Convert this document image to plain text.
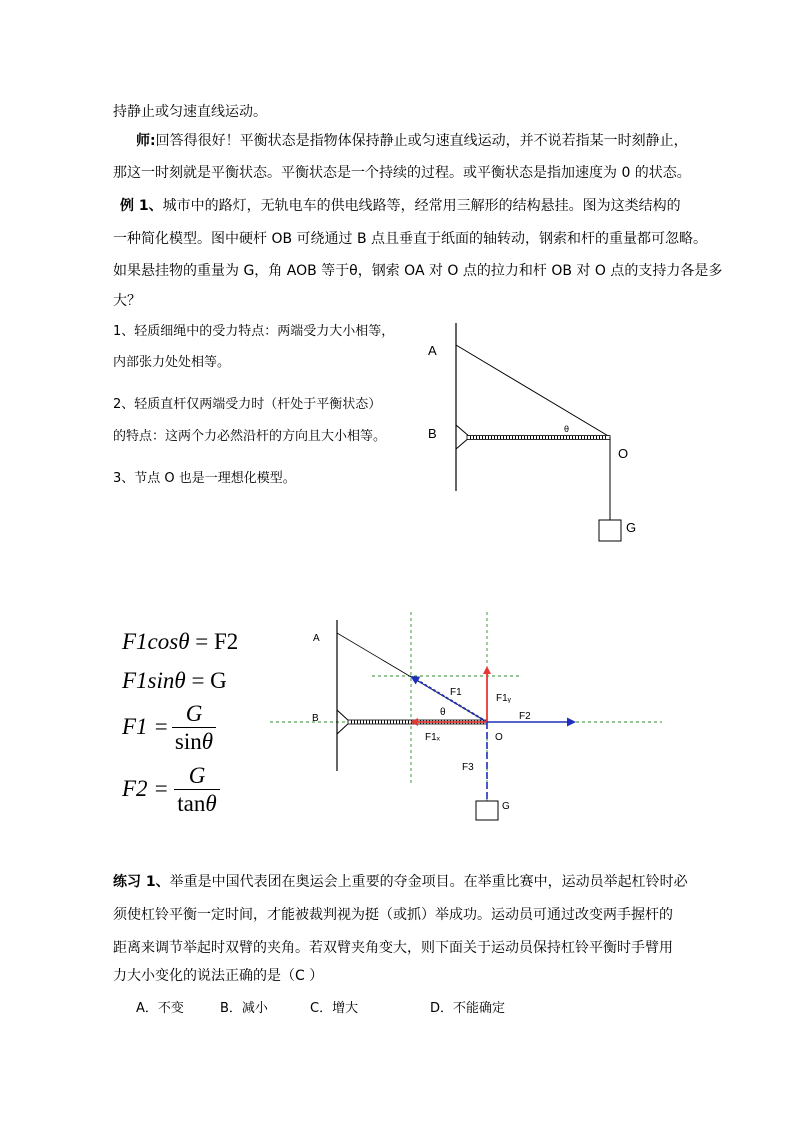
持静止或匀速直线运动。
师:回答得很好！平衡状态是指物体保持静止或匀速直线运动，并不说若指某一时刻静止，
那这一时刻就是平衡状态。平衡状态是一个持续的过程。或平衡状态是指加速度为 0 的状态。
例 1、城市中的路灯，无轨电车的供电线路等，经常用三解形的结构悬挂。图为这类结构的
一种简化模型。图中硬杆 OB 可绕通过 B 点且垂直于纸面的轴转动，钢索和杆的重量都可忽略。
如果悬挂物的重量为 G，角 AOB 等于θ，钢索 OA 对 O 点的拉力和杆 OB 对 O 点的支持力各是多
大？
1、轻质细绳中的受力特点：两端受力大小相等，
内部张力处处相等。
2、轻质直杆仅两端受力时（杆处于平衡状态）
的特点：这两个力必然沿杆的方向且大小相等。
3、节点 O 也是一理想化模型。
A
B
O
G
θ
F1cosθ = F2
F1sinθ = G
F1 =
G
sinθ
F2 =
G
tanθ
A
B
O
G
θ
F1
F1ᵧ
F1ₓ
F2
F3
练习 1、举重是中国代表团在奥运会上重要的夺金项目。在举重比赛中，运动员举起杠铃时必
须使杠铃平衡一定时间，才能被裁判视为挺（或抓）举成功。运动员可通过改变两手握杆的
距离来调节举起时双臂的夹角。若双臂夹角变大，则下面关于运动员保持杠铃平衡时手臂用
力大小变化的说法正确的是（C ）
A．不变	B．减小	C．增大	D．不能确定
